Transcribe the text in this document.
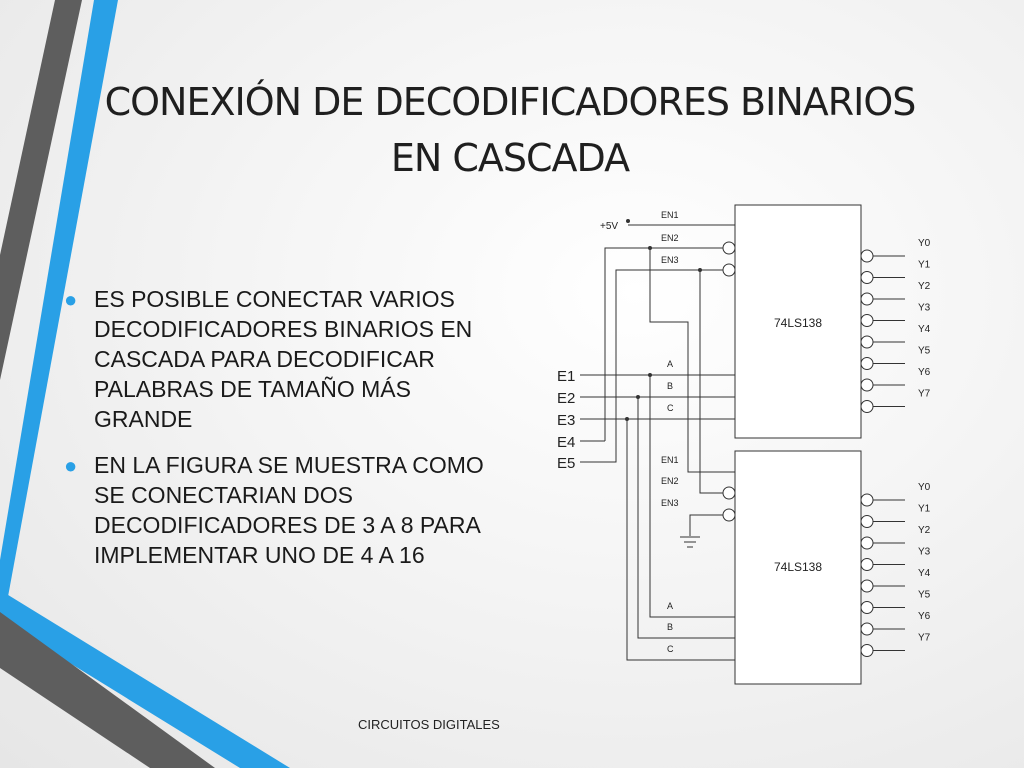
CONEXIÓN DE DECODIFICADORES BINARIOS
EN CASCADA
● ES POSIBLE CONECTAR VARIOS DECODIFICADORES BINARIOS EN CASCADA PARA DECODIFICAR PALABRAS DE TAMAÑO MÁS GRANDE
● EN LA FIGURA SE MUESTRA COMO SE CONECTARIAN DOS DECODIFICADORES DE 3 A 8 PARA IMPLEMENTAR UNO DE 4 A 16
74LS138
74LS138
Y0
Y1
Y2
Y3
Y4
Y5
Y6
Y7
Y0
Y1
Y2
Y3
Y4
Y5
Y6
Y7
EN1
EN2
EN3
EN1
EN2
EN3
+5V
A
B
C
A
B
C
E1
E2
E3
E4
E5
CIRCUITOS DIGITALES
